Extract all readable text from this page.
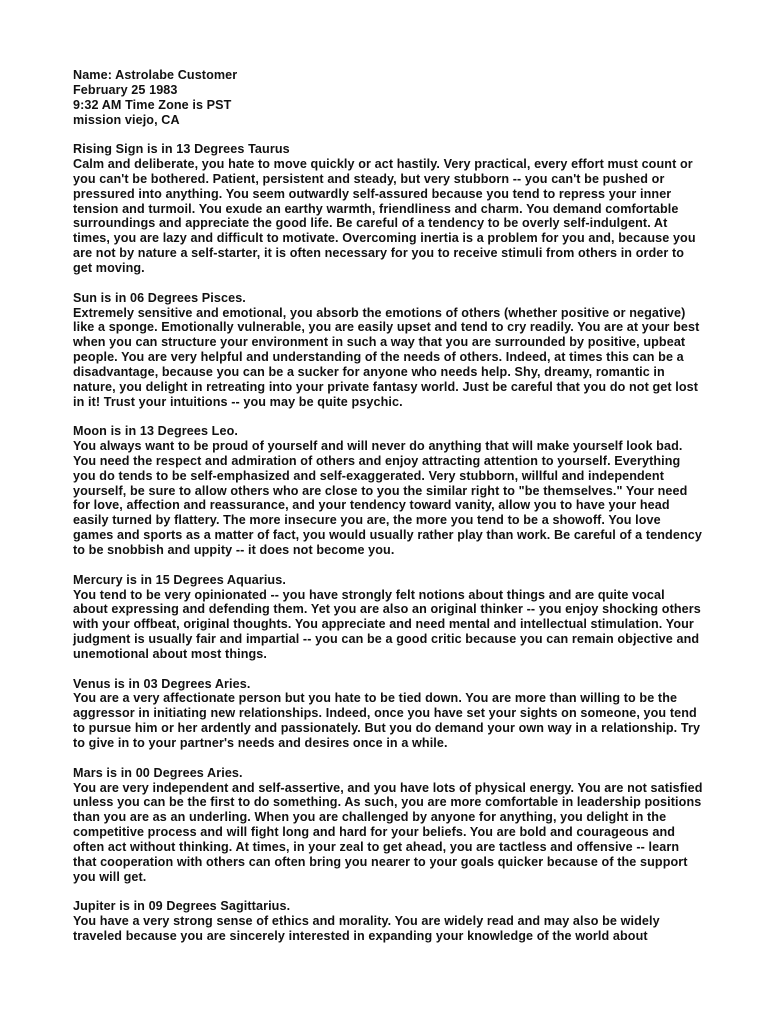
Name: Astrolabe Customer

February 25 1983

9:32 AM Time Zone is PST

mission viejo, CA

Rising Sign is in 13 Degrees Taurus

Calm and deliberate, you hate to move quickly or act hastily. Very practical, every effort must count or you can't be bothered. Patient, persistent and steady, but very stubborn -- you can't be pushed or pressured into anything. You seem outwardly self-assured because you tend to repress your inner tension and turmoil. You exude an earthy warmth, friendliness and charm. You demand comfortable surroundings and appreciate the good life. Be careful of a tendency to be overly self-indulgent. At times, you are lazy and difficult to motivate. Overcoming inertia is a problem for you and, because you are not by nature a self-starter, it is often necessary for you to receive stimuli from others in order to get moving.

Sun is in 06 Degrees Pisces.

Extremely sensitive and emotional, you absorb the emotions of others (whether positive or negative) like a sponge. Emotionally vulnerable, you are easily upset and tend to cry readily. You are at your best when you can structure your environment in such a way that you are surrounded by positive, upbeat people. You are very helpful and understanding of the needs of others. Indeed, at times this can be a disadvantage, because you can be a sucker for anyone who needs help. Shy, dreamy, romantic in nature, you delight in retreating into your private fantasy world. Just be careful that you do not get lost in it! Trust your intuitions -- you may be quite psychic.

Moon is in 13 Degrees Leo.

You always want to be proud of yourself and will never do anything that will make yourself look bad. You need the respect and admiration of others and enjoy attracting attention to yourself. Everything you do tends to be self-emphasized and self-exaggerated. Very stubborn, willful and independent yourself, be sure to allow others who are close to you the similar right to "be themselves." Your need for love, affection and reassurance, and your tendency toward vanity, allow you to have your head easily turned by flattery. The more insecure you are, the more you tend to be a showoff. You love games and sports as a matter of fact, you would usually rather play than work. Be careful of a tendency to be snobbish and uppity -- it does not become you.

Mercury is in 15 Degrees Aquarius.

You tend to be very opinionated -- you have strongly felt notions about things and are quite vocal about expressing and defending them. Yet you are also an original thinker -- you enjoy shocking others with your offbeat, original thoughts. You appreciate and need mental and intellectual stimulation. Your judgment is usually fair and impartial -- you can be a good critic because you can remain objective and unemotional about most things.

Venus is in 03 Degrees Aries.

You are a very affectionate person but you hate to be tied down. You are more than willing to be the aggressor in initiating new relationships. Indeed, once you have set your sights on someone, you tend to pursue him or her ardently and passionately. But you do demand your own way in a relationship. Try to give in to your partner's needs and desires once in a while.

Mars is in 00 Degrees Aries.

You are very independent and self-assertive, and you have lots of physical energy. You are not satisfied unless you can be the first to do something. As such, you are more comfortable in leadership positions than you are as an underling. When you are challenged by anyone for anything, you delight in the competitive process and will fight long and hard for your beliefs. You are bold and courageous and often act without thinking. At times, in your zeal to get ahead, you are tactless and offensive -- learn that cooperation with others can often bring you nearer to your goals quicker because of the support you will get.

Jupiter is in 09 Degrees Sagittarius.

You have a very strong sense of ethics and morality. You are widely read and may also be widely traveled because you are sincerely interested in expanding your knowledge of the world about
